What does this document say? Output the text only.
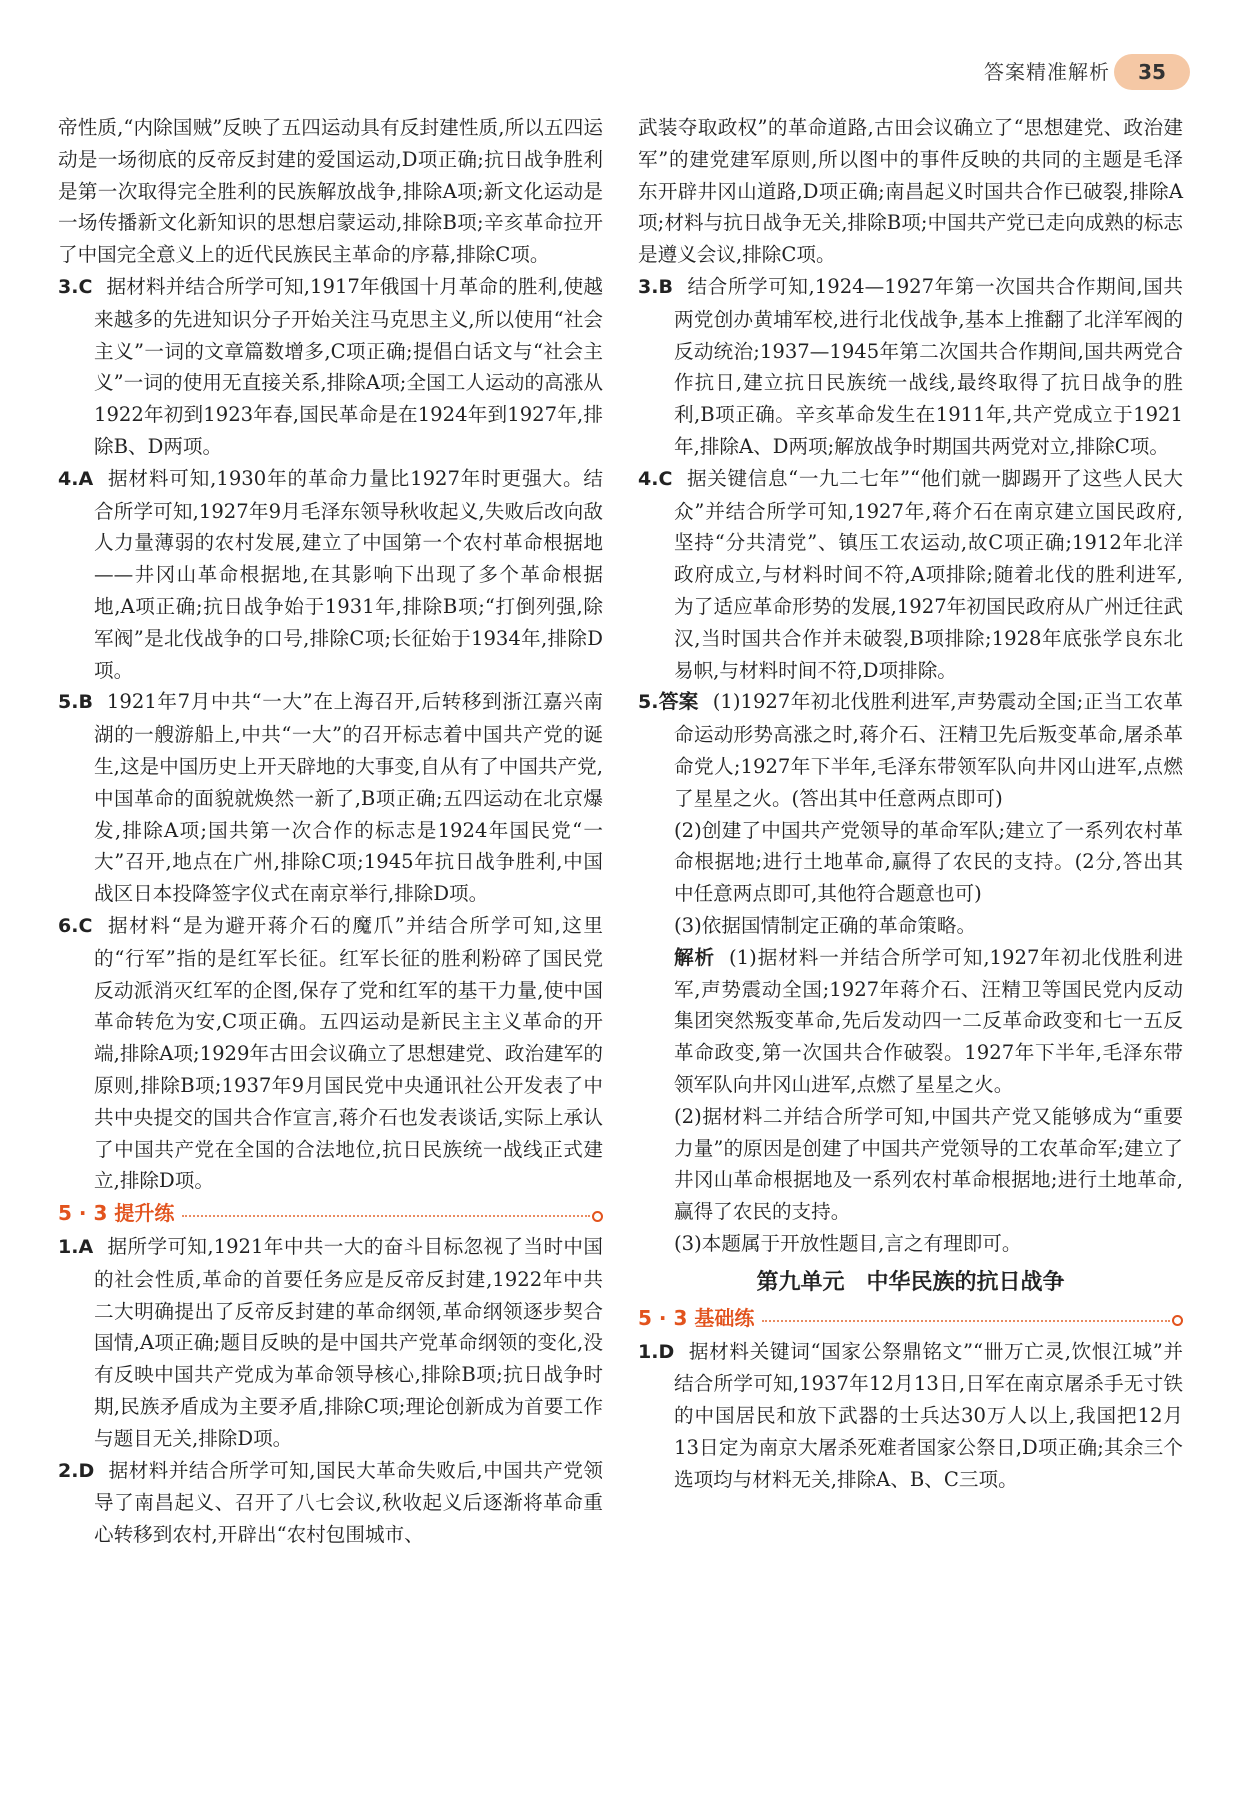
答案精准解析	35

帝性质,“内除国贼”反映了五四运动具有反封建性质,所以五四运动是一场彻底的反帝反封建的爱国运动,D项正确;抗日战争胜利是第一次取得完全胜利的民族解放战争,排除A项;新文化运动是一场传播新文化新知识的思想启蒙运动,排除B项;辛亥革命拉开了中国完全意义上的近代民族民主革命的序幕,排除C项。

3.C 据材料并结合所学可知,1917年俄国十月革命的胜利,使越来越多的先进知识分子开始关注马克思主义,所以使用“社会主义”一词的文章篇数增多,C项正确;提倡白话文与“社会主义”一词的使用无直接关系,排除A项;全国工人运动的高涨从1922年初到1923年春,国民革命是在1924年到1927年,排除B、D两项。

4.A 据材料可知,1930年的革命力量比1927年时更强大。结合所学可知,1927年9月毛泽东领导秋收起义,失败后改向敌人力量薄弱的农村发展,建立了中国第一个农村革命根据地——井冈山革命根据地,在其影响下出现了多个革命根据地,A项正确;抗日战争始于1931年,排除B项;“打倒列强,除军阀”是北伐战争的口号,排除C项;长征始于1934年,排除D项。

5.B 1921年7月中共“一大”在上海召开,后转移到浙江嘉兴南湖的一艘游船上,中共“一大”的召开标志着中国共产党的诞生,这是中国历史上开天辟地的大事变,自从有了中国共产党,中国革命的面貌就焕然一新了,B项正确;五四运动在北京爆发,排除A项;国共第一次合作的标志是1924年国民党“一大”召开,地点在广州,排除C项;1945年抗日战争胜利,中国战区日本投降签字仪式在南京举行,排除D项。

6.C 据材料“是为避开蒋介石的魔爪”并结合所学可知,这里的“行军”指的是红军长征。红军长征的胜利粉碎了国民党反动派消灭红军的企图,保存了党和红军的基干力量,使中国革命转危为安,C项正确。五四运动是新民主主义革命的开端,排除A项;1929年古田会议确立了思想建党、政治建军的原则,排除B项;1937年9月国民党中央通讯社公开发表了中共中央提交的国共合作宣言,蒋介石也发表谈话,实际上承认了中国共产党在全国的合法地位,抗日民族统一战线正式建立,排除D项。

5 · 3 提升练

1.A 据所学可知,1921年中共一大的奋斗目标忽视了当时中国的社会性质,革命的首要任务应是反帝反封建,1922年中共二大明确提出了反帝反封建的革命纲领,革命纲领逐步契合国情,A项正确;题目反映的是中国共产党革命纲领的变化,没有反映中国共产党成为革命领导核心,排除B项;抗日战争时期,民族矛盾成为主要矛盾,排除C项;理论创新成为首要工作与题目无关,排除D项。

2.D 据材料并结合所学可知,国民大革命失败后,中国共产党领导了南昌起义、召开了八七会议,秋收起义后逐渐将革命重心转移到农村,开辟出“农村包围城市、

武装夺取政权”的革命道路,古田会议确立了“思想建党、政治建军”的建党建军原则,所以图中的事件反映的共同的主题是毛泽东开辟井冈山道路,D项正确;南昌起义时国共合作已破裂,排除A项;材料与抗日战争无关,排除B项;中国共产党已走向成熟的标志是遵义会议,排除C项。

3.B 结合所学可知,1924—1927年第一次国共合作期间,国共两党创办黄埔军校,进行北伐战争,基本上推翻了北洋军阀的反动统治;1937—1945年第二次国共合作期间,国共两党合作抗日,建立抗日民族统一战线,最终取得了抗日战争的胜利,B项正确。辛亥革命发生在1911年,共产党成立于1921年,排除A、D两项;解放战争时期国共两党对立,排除C项。

4.C 据关键信息“一九二七年”“他们就一脚踢开了这些人民大众”并结合所学可知,1927年,蒋介石在南京建立国民政府,坚持“分共清党”、镇压工农运动,故C项正确;1912年北洋政府成立,与材料时间不符,A项排除;随着北伐的胜利进军,为了适应革命形势的发展,1927年初国民政府从广州迁往武汉,当时国共合作并未破裂,B项排除;1928年底张学良东北易帜,与材料时间不符,D项排除。

5.答案 (1)1927年初北伐胜利进军,声势震动全国;正当工农革命运动形势高涨之时,蒋介石、汪精卫先后叛变革命,屠杀革命党人;1927年下半年,毛泽东带领军队向井冈山进军,点燃了星星之火。(答出其中任意两点即可)

(2)创建了中国共产党领导的革命军队;建立了一系列农村革命根据地;进行土地革命,赢得了农民的支持。(2分,答出其中任意两点即可,其他符合题意也可)

(3)依据国情制定正确的革命策略。

解析 (1)据材料一并结合所学可知,1927年初北伐胜利进军,声势震动全国;1927年蒋介石、汪精卫等国民党内反动集团突然叛变革命,先后发动四一二反革命政变和七一五反革命政变,第一次国共合作破裂。1927年下半年,毛泽东带领军队向井冈山进军,点燃了星星之火。

(2)据材料二并结合所学可知,中国共产党又能够成为“重要力量”的原因是创建了中国共产党领导的工农革命军;建立了井冈山革命根据地及一系列农村革命根据地;进行土地革命,赢得了农民的支持。

(3)本题属于开放性题目,言之有理即可。

第九单元　中华民族的抗日战争
5 · 3 基础练

1.D 据材料关键词“国家公祭鼎铭文”“卌万亡灵,饮恨江城”并结合所学可知,1937年12月13日,日军在南京屠杀手无寸铁的中国居民和放下武器的士兵达30万人以上,我国把12月13日定为南京大屠杀死难者国家公祭日,D项正确;其余三个选项均与材料无关,排除A、B、C三项。
